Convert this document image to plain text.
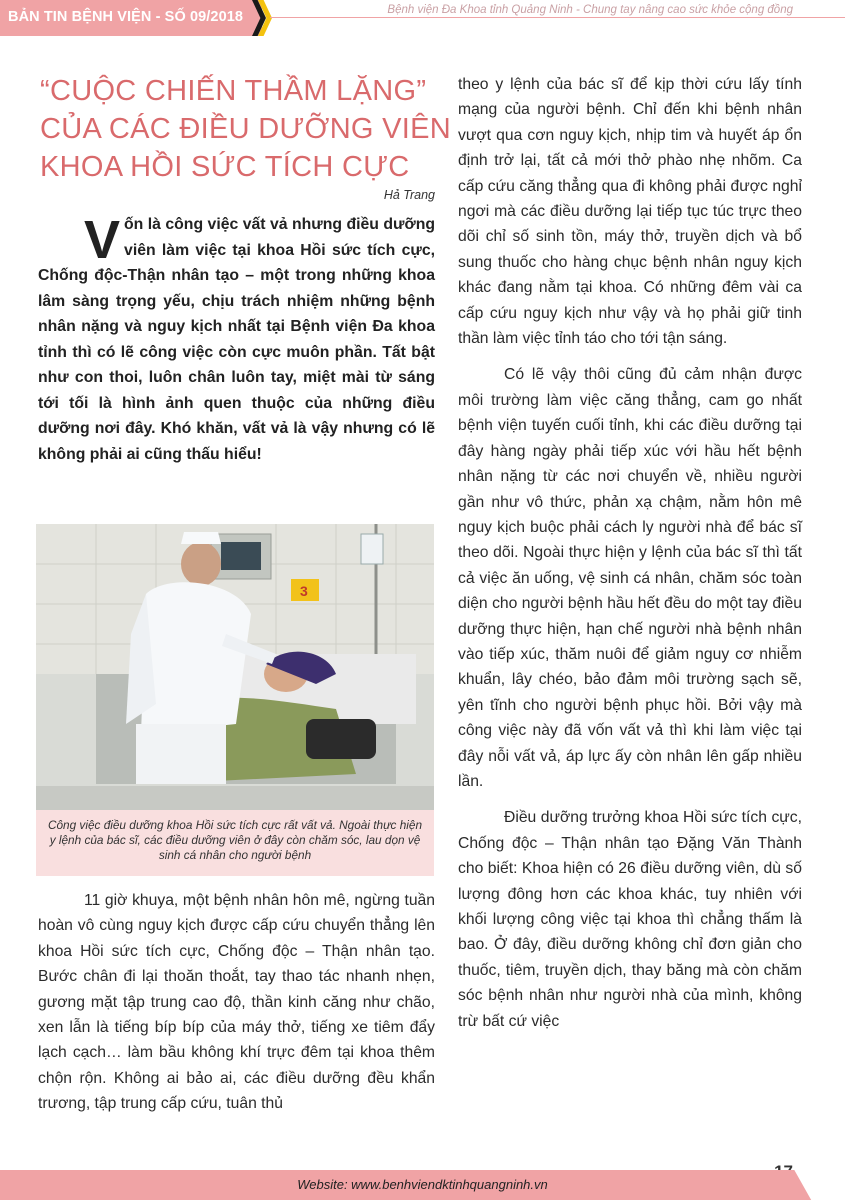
BẢN TIN BỆNH VIỆN - SỐ 09/2018	Bệnh viện Đa Khoa tỉnh Quảng Ninh - Chung tay nâng cao sức khỏe cộng đồng
“CUỘC CHIẾN THẦM LẶNG”
CỦA CÁC ĐIỀU DƯỠNG VIÊN
KHOA HỒI SỨC TÍCH CỰC
Hả Trang
Vốn là công việc vất vả nhưng điều dưỡng viên làm việc tại khoa Hồi sức tích cực, Chống độc-Thận nhân tạo – một trong những khoa lâm sàng trọng yếu, chịu trách nhiệm những bệnh nhân nặng và nguy kịch nhất tại Bệnh viện Đa khoa tỉnh thì có lẽ công việc còn cực muôn phần. Tất bật như con thoi, luôn chân luôn tay, miệt mài từ sáng tới tối là hình ảnh quen thuộc của những điều dưỡng nơi đây. Khó khăn, vất vả là vậy nhưng có lẽ không phải ai cũng thấu hiểu!
3
Công việc điều dưỡng khoa Hồi sức tích cực rất vất vả. Ngoài thực hiện y lệnh của bác sĩ, các điều dưỡng viên ở đây còn chăm sóc, lau dọn vệ sinh cá nhân cho người bệnh

11 giờ khuya, một bệnh nhân hôn mê, ngừng tuần hoàn vô cùng nguy kịch được cấp cứu chuyển thẳng lên khoa Hồi sức tích cực, Chống độc – Thận nhân tạo. Bước chân đi lại thoăn thoắt, tay thao tác nhanh nhẹn, gương mặt tập trung cao độ, thần kinh căng như chão, xen lẫn là tiếng bíp bíp của máy thở, tiếng xe tiêm đẩy lạch cạch… làm bầu không khí trực đêm tại khoa thêm chộn rộn. Không ai bảo ai, các điều dưỡng đều khẩn trương, tập trung cấp cứu, tuân thủ

theo y lệnh của bác sĩ để kịp thời cứu lấy tính mạng của người bệnh. Chỉ đến khi bệnh nhân vượt qua cơn nguy kịch, nhịp tim và huyết áp ổn định trở lại, tất cả mới thở phào nhẹ nhõm. Ca cấp cứu căng thẳng qua đi không phải được nghỉ ngơi mà các điều dưỡng lại tiếp tục túc trực theo dõi chỉ số sinh tồn, máy thở, truyền dịch và bổ sung thuốc cho hàng chục bệnh nhân nguy kịch khác đang nằm tại khoa. Có những đêm vài ca cấp cứu nguy kịch như vậy và họ phải giữ tinh thần làm việc tỉnh táo cho tới tận sáng.

Có lẽ vậy thôi cũng đủ cảm nhận được môi trường làm việc căng thẳng, cam go nhất bệnh viện tuyến cuối tỉnh, khi các điều dưỡng tại đây hàng ngày phải tiếp xúc với hầu hết bệnh nhân nặng từ các nơi chuyển về, nhiều người gần như vô thức, phản xạ chậm, nằm hôn mê nguy kịch buộc phải cách ly người nhà để bác sĩ theo dõi. Ngoài thực hiện y lệnh của bác sĩ thì tất cả việc ăn uống, vệ sinh cá nhân, chăm sóc toàn diện cho người bệnh hầu hết đều do một tay điều dưỡng thực hiện, hạn chế người nhà bệnh nhân vào tiếp xúc, thăm nuôi để giảm nguy cơ nhiễm khuẩn, lây chéo, bảo đảm môi trường sạch sẽ, yên tĩnh cho người bệnh phục hồi. Bởi vậy mà công việc này đã vốn vất vả thì khi làm việc tại đây nỗi vất vả, áp lực ấy còn nhân lên gấp nhiều lần.

Điều dưỡng trưởng khoa Hồi sức tích cực, Chống độc – Thận nhân tạo Đặng Văn Thành cho biết: Khoa hiện có 26 điều dưỡng viên, dù số lượng đông hơn các khoa khác, tuy nhiên với khối lượng công việc tại khoa thì chẳng thấm là bao. Ở đây, điều dưỡng không chỉ đơn giản cho thuốc, tiêm, truyền dịch, thay băng mà còn chăm sóc bệnh nhân như người nhà của mình, không trừ bất cứ việc

Website: www.benhviendktinhquangninh.vn
